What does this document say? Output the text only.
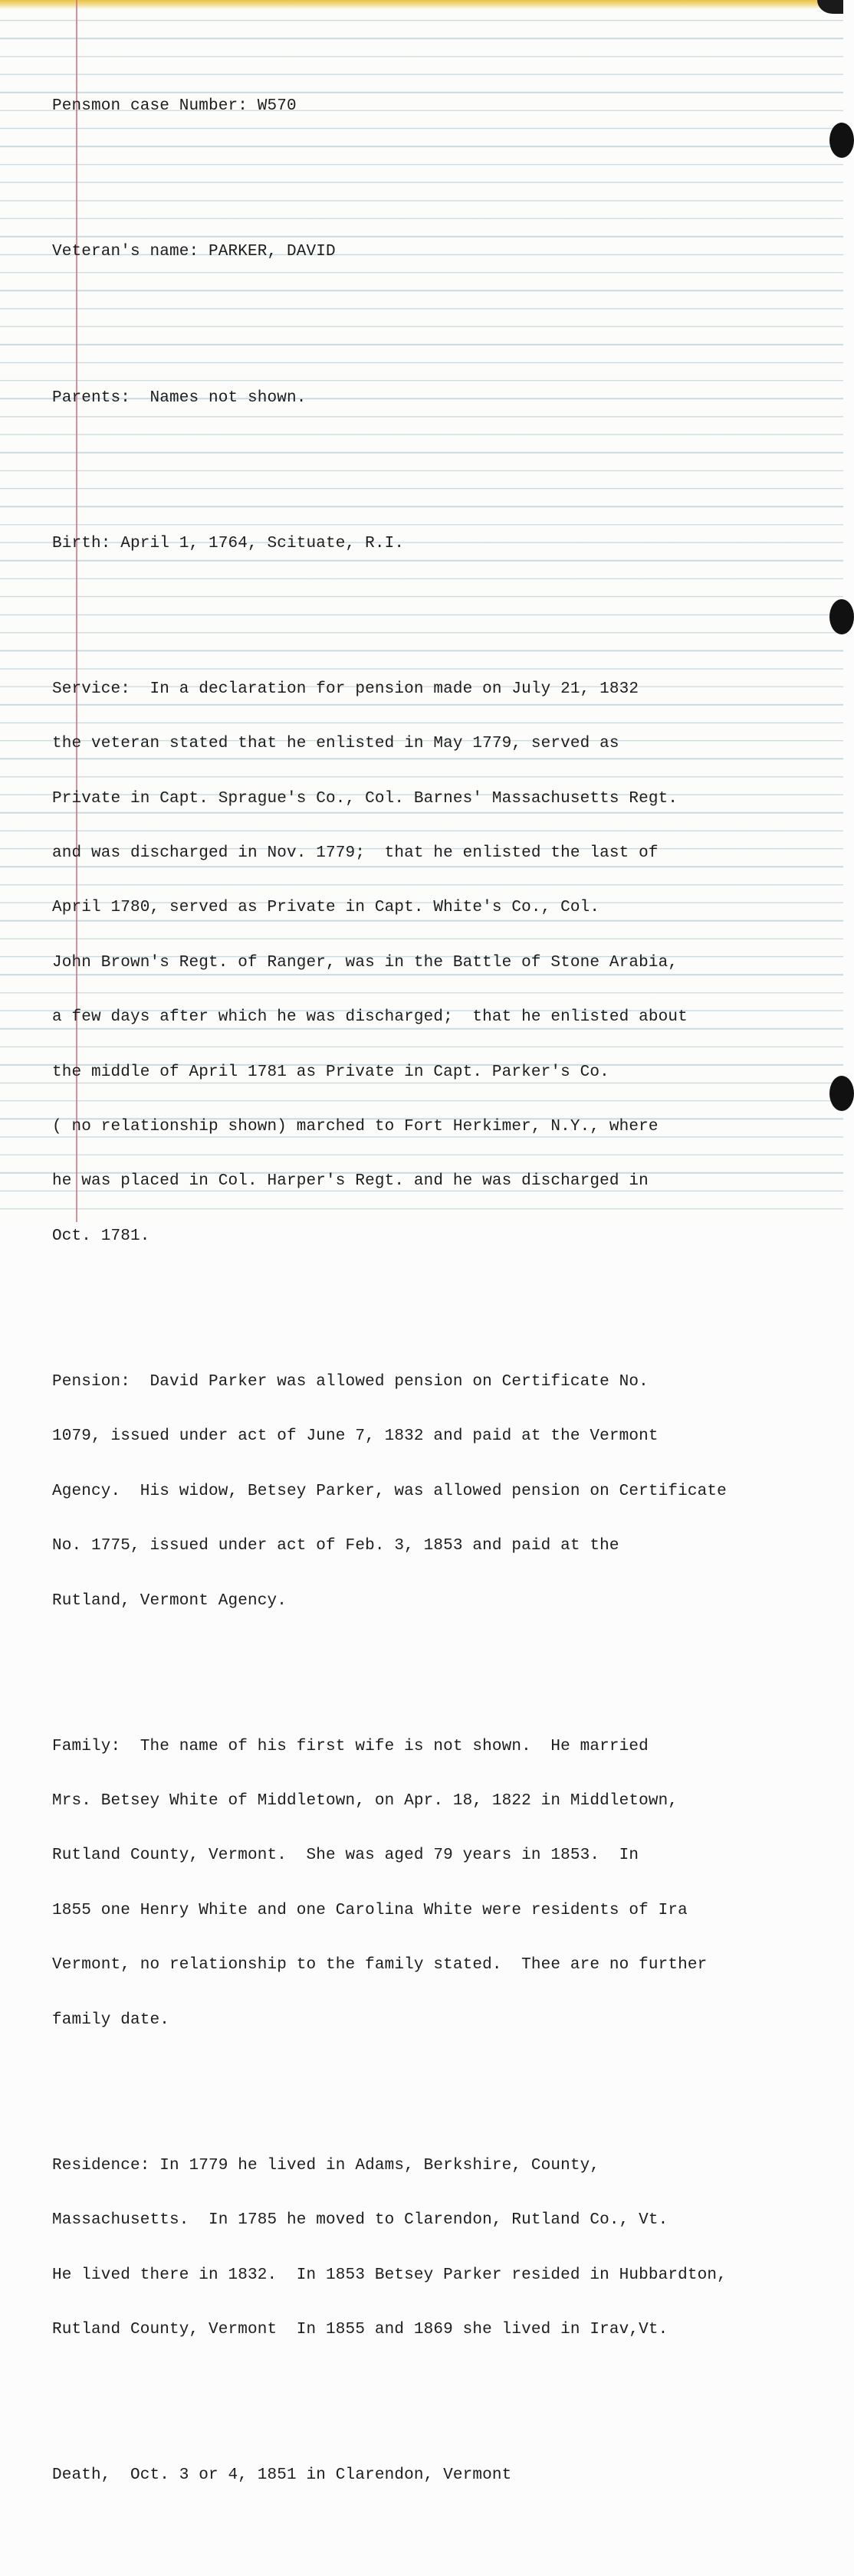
Pensmon case Number: W570

Veteran's name: PARKER, DAVID

Parents:  Names not shown.

Birth: April 1, 1764, Scituate, R.I.

Service:  In a declaration for pension made on July 21, 1832

the veteran stated that he enlisted in May 1779, served as

Private in Capt. Sprague's Co., Col. Barnes' Massachusetts Regt.

and was discharged in Nov. 1779;  that he enlisted the last of

April 1780, served as Private in Capt. White's Co., Col.

John Brown's Regt. of Ranger, was in the Battle of Stone Arabia,

a few days after which he was discharged;  that he enlisted about

the middle of April 1781 as Private in Capt. Parker's Co.

( no relationship shown) marched to Fort Herkimer, N.Y., where

he was placed in Col. Harper's Regt. and he was discharged in

Oct. 1781.

Pension:  David Parker was allowed pension on Certificate No.

1079, issued under act of June 7, 1832 and paid at the Vermont

Agency.  His widow, Betsey Parker, was allowed pension on Certificate

No. 1775, issued under act of Feb. 3, 1853 and paid at the

Rutland, Vermont Agency.

Family:  The name of his first wife is not shown.  He married

Mrs. Betsey White of Middletown, on Apr. 18, 1822 in Middletown,

Rutland County, Vermont.  She was aged 79 years in 1853.  In

1855 one Henry White and one Carolina White were residents of Ira

Vermont, no relationship to the family stated.  Thee are no further

family date.

Residence: In 1779 he lived in Adams, Berkshire, County,

Massachusetts.  In 1785 he moved to Clarendon, Rutland Co., Vt.

He lived there in 1832.  In 1853 Betsey Parker resided in Hubbardton,

Rutland County, Vermont  In 1855 and 1869 she lived in Irav,Vt.

Death,  Oct. 3 or 4, 1851 in Clarendon, Vermont
